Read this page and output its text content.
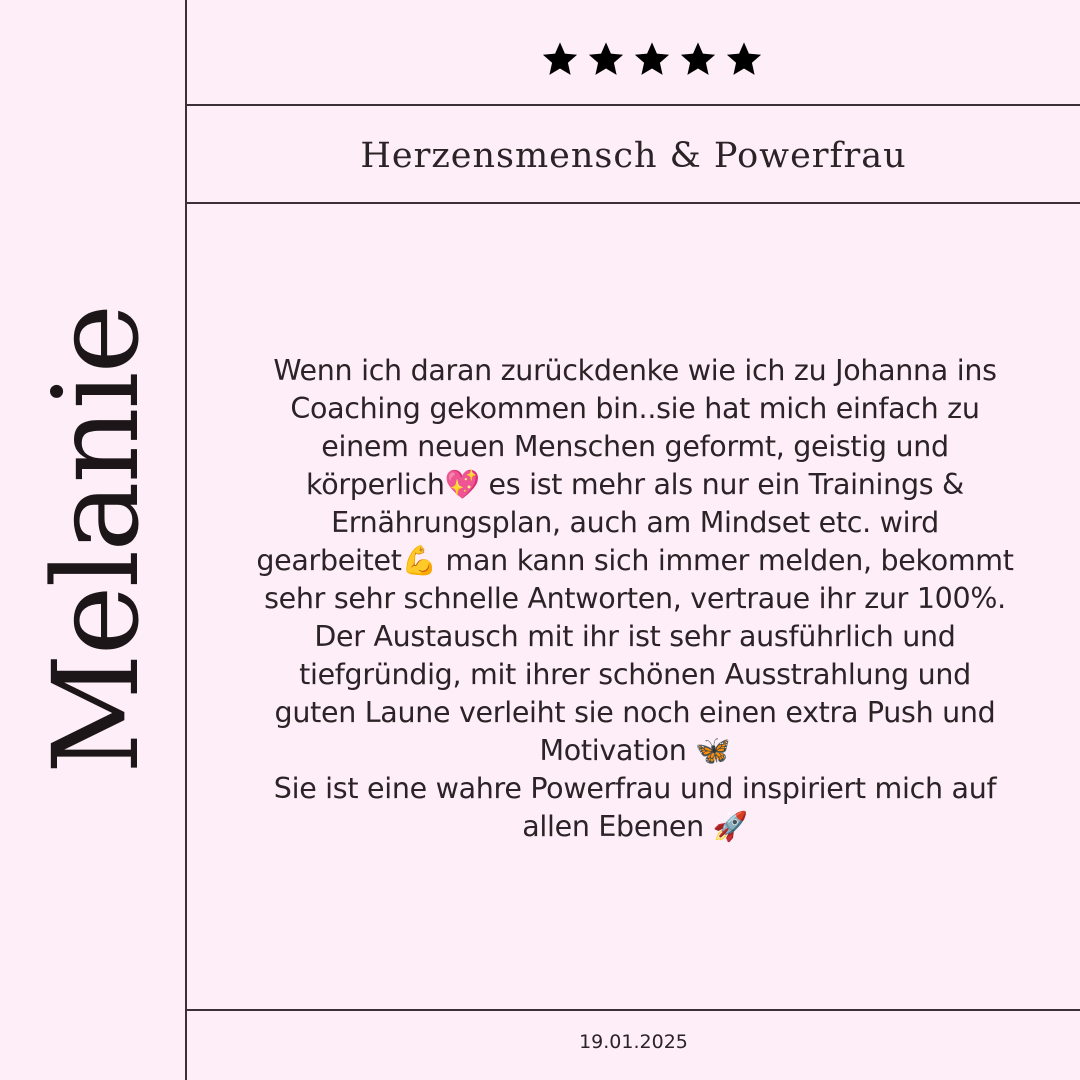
Melanie
Herzensmensch & Powerfrau
Wenn ich daran zurückdenke wie ich zu Johanna ins
Coaching gekommen bin..sie hat mich einfach zu
einem neuen Menschen geformt, geistig und
körperlich💖 es ist mehr als nur ein Trainings &
Ernährungsplan, auch am Mindset etc. wird
gearbeitet💪 man kann sich immer melden, bekommt
sehr sehr schnelle Antworten, vertraue ihr zur 100%.
Der Austausch mit ihr ist sehr ausführlich und
tiefgründig, mit ihrer schönen Ausstrahlung und
guten Laune verleiht sie noch einen extra Push und
Motivation 🦋
Sie ist eine wahre Powerfrau und inspiriert mich auf
allen Ebenen 🚀
19.01.2025
